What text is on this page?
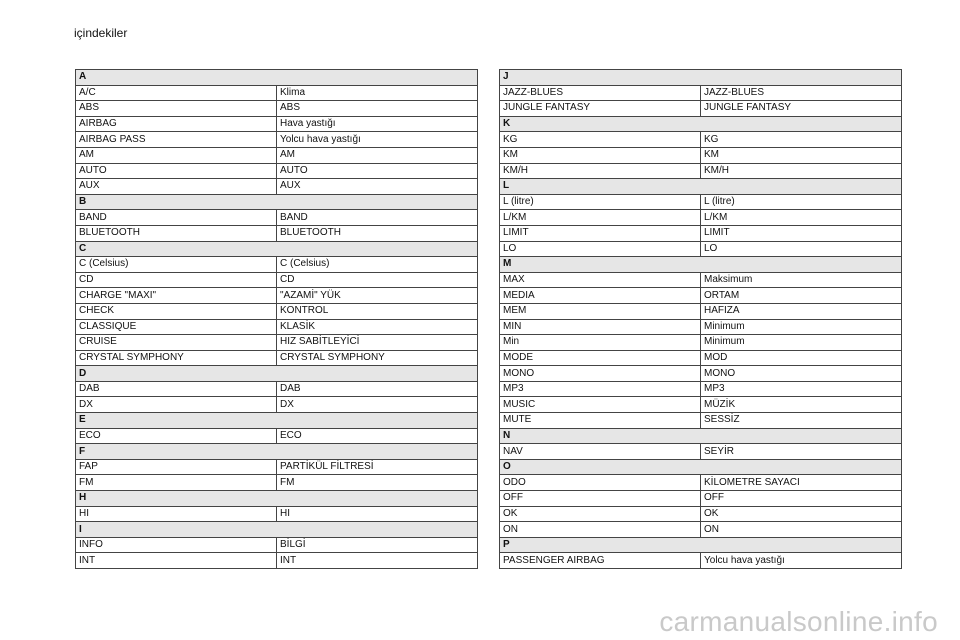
içindekiler
A	
A/C	Klima
ABS	ABS
AIRBAG	Hava yastığı
AIRBAG PASS	Yolcu hava yastığı
AM	AM
AUTO	AUTO
AUX	AUX
B	
BAND	BAND
BLUETOOTH	BLUETOOTH
C	
C (Celsius)	C (Celsius)
CD	CD
CHARGE "MAXI"	"AZAMİ" YÜK
CHECK	KONTROL
CLASSIQUE	KLASİK
CRUISE	HIZ SABİTLEYİCİ
CRYSTAL SYMPHONY	CRYSTAL SYMPHONY
D	
DAB	DAB
DX	DX
E	
ECO	ECO
F	
FAP	PARTİKÜL FİLTRESİ
FM	FM
H	
HI	HI
I	
INFO	BİLGİ
INT	INT
J	
JAZZ-BLUES	JAZZ-BLUES
JUNGLE FANTASY	JUNGLE FANTASY
K	
KG	KG
KM	KM
KM/H	KM/H
L	
L (litre)	L (litre)
L/KM	L/KM
LIMIT	LIMIT
LO	LO
M	
MAX	Maksimum
MEDIA	ORTAM
MEM	HAFIZA
MIN	Minimum
Min	Minimum
MODE	MOD
MONO	MONO
MP3	MP3
MUSIC	MÜZİK
MUTE	SESSİZ
N	
NAV	SEYİR
O	
ODO	KİLOMETRE SAYACI
OFF	OFF
OK	OK
ON	ON
P	
PASSENGER AIRBAG	Yolcu hava yastığı
carmanualsonline.info
